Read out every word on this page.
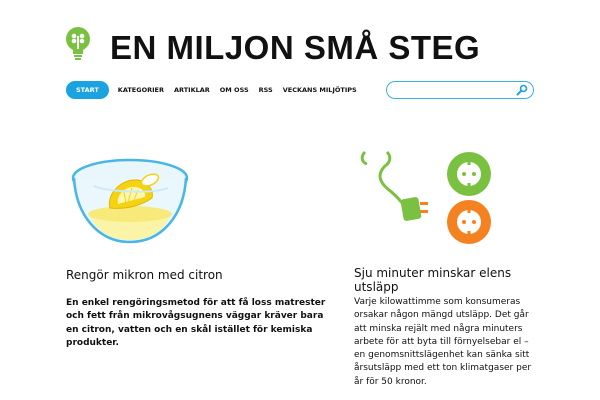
EN MILJON SMÅ STEG
START	KATEGORIER	ARTIKLAR	OM OSS	RSS	VECKANS MILJÖTIPS
Rengör mikron med citron

En enkel rengöringsmetod för att få loss matrester och fett från mikrovågsugnens väggar kräver bara en citron, vatten och en skål istället för kemiska produkter.

Sju minuter minskar elens utsläpp

Varje kilowattimme som konsumeras orsakar någon mängd utsläpp. Det går att minska rejält med några minuters arbete för att byta till förnyelsebar el – en genomsnittslägenhet kan sänka sitt årsutsläpp med ett ton klimatgaser per år för 50 kronor.
